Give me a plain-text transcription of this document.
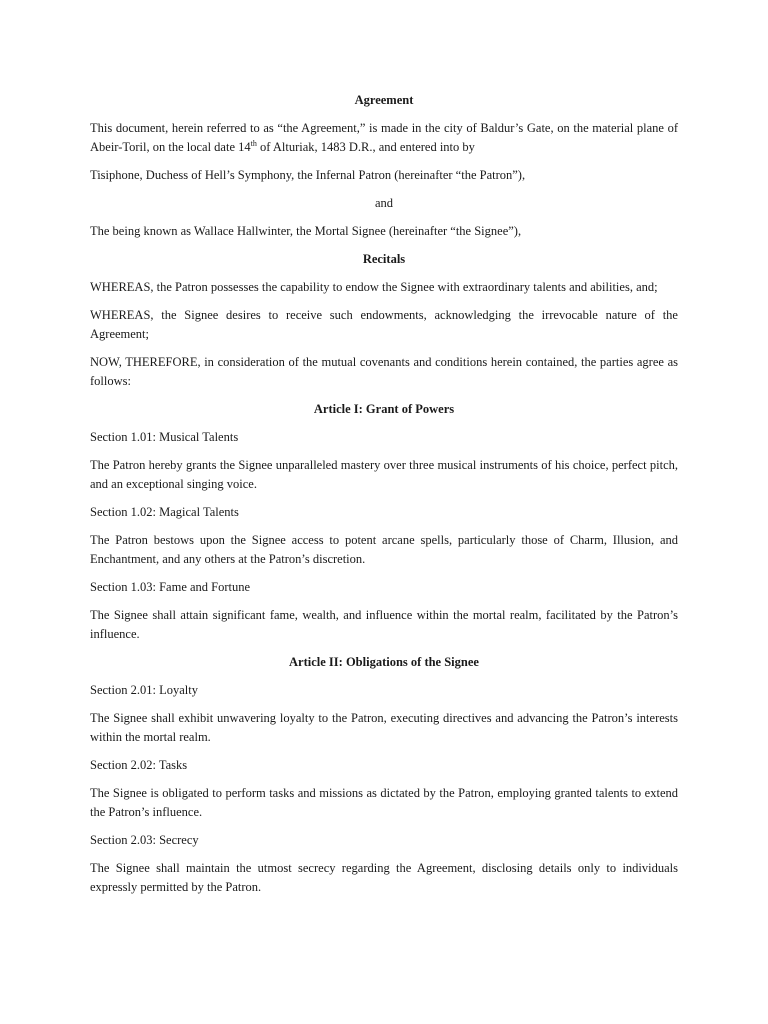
Agreement

This document, herein referred to as “the Agreement,” is made in the city of Baldur’s Gate, on the material plane of Abeir-Toril, on the local date 14th of Alturiak, 1483 D.R., and entered into by

Tisiphone, Duchess of Hell’s Symphony, the Infernal Patron (hereinafter “the Patron”),

and

The being known as Wallace Hallwinter, the Mortal Signee (hereinafter “the Signee”),

Recitals

WHEREAS, the Patron possesses the capability to endow the Signee with extraordinary talents and abilities, and;

WHEREAS, the Signee desires to receive such endowments, acknowledging the irrevocable nature of the Agreement;

NOW, THEREFORE, in consideration of the mutual covenants and conditions herein contained, the parties agree as follows:

Article I: Grant of Powers

Section 1.01: Musical Talents

The Patron hereby grants the Signee unparalleled mastery over three musical instruments of his choice, perfect pitch, and an exceptional singing voice.

Section 1.02: Magical Talents

The Patron bestows upon the Signee access to potent arcane spells, particularly those of Charm, Illusion, and Enchantment, and any others at the Patron’s discretion.

Section 1.03: Fame and Fortune

The Signee shall attain significant fame, wealth, and influence within the mortal realm, facilitated by the Patron’s influence.

Article II: Obligations of the Signee

Section 2.01: Loyalty

The Signee shall exhibit unwavering loyalty to the Patron, executing directives and advancing the Patron’s interests within the mortal realm.

Section 2.02: Tasks

The Signee is obligated to perform tasks and missions as dictated by the Patron, employing granted talents to extend the Patron’s influence.

Section 2.03: Secrecy

The Signee shall maintain the utmost secrecy regarding the Agreement, disclosing details only to individuals expressly permitted by the Patron.
